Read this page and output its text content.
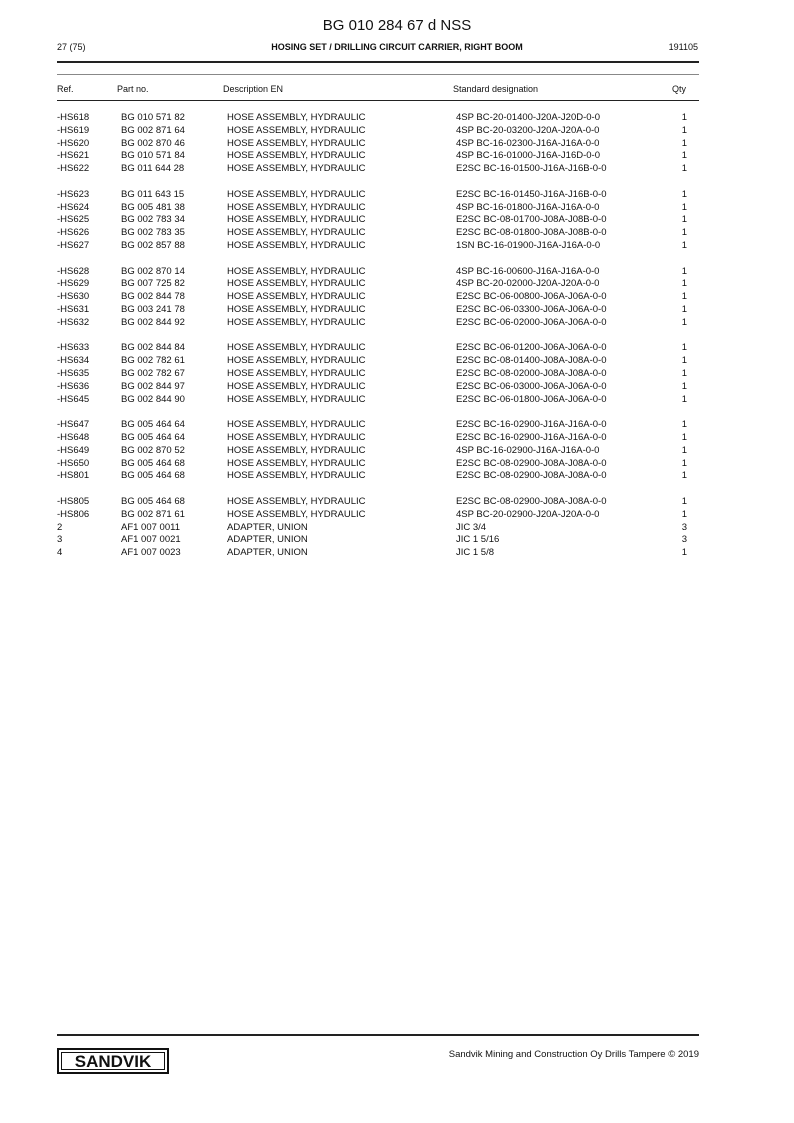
BG 010 284 67 d NSS
27 (75)	HOSING SET / DRILLING CIRCUIT CARRIER, RIGHT BOOM	191105
Ref.	Part no.	Description EN	Standard designation	Qty
-HS618	BG 010 571 82	HOSE ASSEMBLY, HYDRAULIC	4SP BC-20-01400-J20A-J20D-0-0	1
-HS619	BG 002 871 64	HOSE ASSEMBLY, HYDRAULIC	4SP BC-20-03200-J20A-J20A-0-0	1
-HS620	BG 002 870 46	HOSE ASSEMBLY, HYDRAULIC	4SP BC-16-02300-J16A-J16A-0-0	1
-HS621	BG 010 571 84	HOSE ASSEMBLY, HYDRAULIC	4SP BC-16-01000-J16A-J16D-0-0	1
-HS622	BG 011 644 28	HOSE ASSEMBLY, HYDRAULIC	E2SC BC-16-01500-J16A-J16B-0-0	1
-HS623	BG 011 643 15	HOSE ASSEMBLY, HYDRAULIC	E2SC BC-16-01450-J16A-J16B-0-0	1
-HS624	BG 005 481 38	HOSE ASSEMBLY, HYDRAULIC	4SP BC-16-01800-J16A-J16A-0-0	1
-HS625	BG 002 783 34	HOSE ASSEMBLY, HYDRAULIC	E2SC BC-08-01700-J08A-J08B-0-0	1
-HS626	BG 002 783 35	HOSE ASSEMBLY, HYDRAULIC	E2SC BC-08-01800-J08A-J08B-0-0	1
-HS627	BG 002 857 88	HOSE ASSEMBLY, HYDRAULIC	1SN BC-16-01900-J16A-J16A-0-0	1
-HS628	BG 002 870 14	HOSE ASSEMBLY, HYDRAULIC	4SP BC-16-00600-J16A-J16A-0-0	1
-HS629	BG 007 725 82	HOSE ASSEMBLY, HYDRAULIC	4SP BC-20-02000-J20A-J20A-0-0	1
-HS630	BG 002 844 78	HOSE ASSEMBLY, HYDRAULIC	E2SC BC-06-00800-J06A-J06A-0-0	1
-HS631	BG 003 241 78	HOSE ASSEMBLY, HYDRAULIC	E2SC BC-06-03300-J06A-J06A-0-0	1
-HS632	BG 002 844 92	HOSE ASSEMBLY, HYDRAULIC	E2SC BC-06-02000-J06A-J06A-0-0	1
-HS633	BG 002 844 84	HOSE ASSEMBLY, HYDRAULIC	E2SC BC-06-01200-J06A-J06A-0-0	1
-HS634	BG 002 782 61	HOSE ASSEMBLY, HYDRAULIC	E2SC BC-08-01400-J08A-J08A-0-0	1
-HS635	BG 002 782 67	HOSE ASSEMBLY, HYDRAULIC	E2SC BC-08-02000-J08A-J08A-0-0	1
-HS636	BG 002 844 97	HOSE ASSEMBLY, HYDRAULIC	E2SC BC-06-03000-J06A-J06A-0-0	1
-HS645	BG 002 844 90	HOSE ASSEMBLY, HYDRAULIC	E2SC BC-06-01800-J06A-J06A-0-0	1
-HS647	BG 005 464 64	HOSE ASSEMBLY, HYDRAULIC	E2SC BC-16-02900-J16A-J16A-0-0	1
-HS648	BG 005 464 64	HOSE ASSEMBLY, HYDRAULIC	E2SC BC-16-02900-J16A-J16A-0-0	1
-HS649	BG 002 870 52	HOSE ASSEMBLY, HYDRAULIC	4SP BC-16-02900-J16A-J16A-0-0	1
-HS650	BG 005 464 68	HOSE ASSEMBLY, HYDRAULIC	E2SC BC-08-02900-J08A-J08A-0-0	1
-HS801	BG 005 464 68	HOSE ASSEMBLY, HYDRAULIC	E2SC BC-08-02900-J08A-J08A-0-0	1
-HS805	BG 005 464 68	HOSE ASSEMBLY, HYDRAULIC	E2SC BC-08-02900-J08A-J08A-0-0	1
-HS806	BG 002 871 61	HOSE ASSEMBLY, HYDRAULIC	4SP BC-20-02900-J20A-J20A-0-0	1
2	AF1 007 0011	ADAPTER, UNION	JIC 3/4	3
3	AF1 007 0021	ADAPTER, UNION	JIC 1 5/16	3
4	AF1 007 0023	ADAPTER, UNION	JIC 1 5/8	1
SANDVIK	Sandvik Mining and Construction Oy Drills Tampere © 2019
